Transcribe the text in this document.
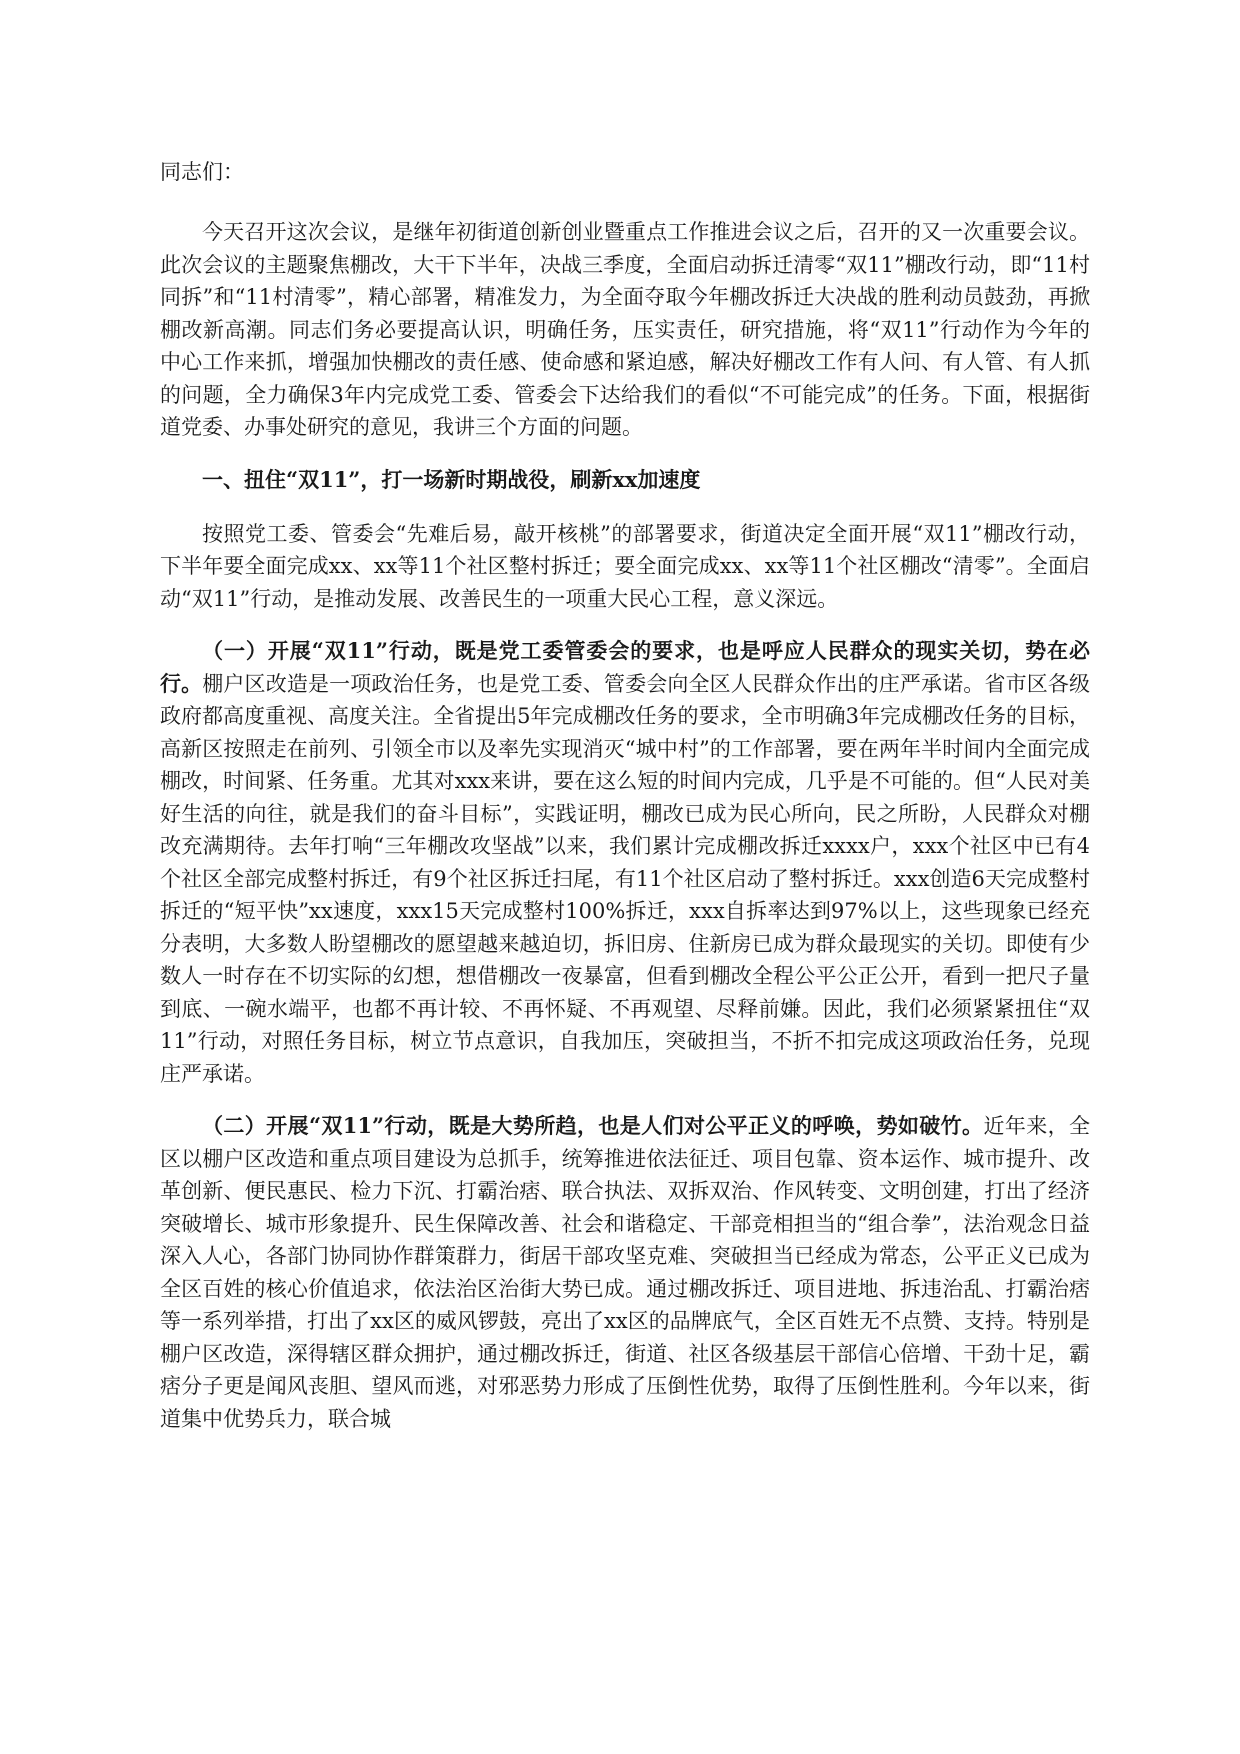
同志们：

今天召开这次会议，是继年初街道创新创业暨重点工作推进会议之后，召开的又一次重要会议。此次会议的主题聚焦棚改，大干下半年，决战三季度，全面启动拆迁清零“双11”棚改行动，即“11村同拆”和“11村清零”，精心部署，精准发力，为全面夺取今年棚改拆迁大决战的胜利动员鼓劲，再掀棚改新高潮。同志们务必要提高认识，明确任务，压实责任，研究措施，将“双11”行动作为今年的中心工作来抓，增强加快棚改的责任感、使命感和紧迫感，解决好棚改工作有人问、有人管、有人抓的问题，全力确保3年内完成党工委、管委会下达给我们的看似“不可能完成”的任务。下面，根据街道党委、办事处研究的意见，我讲三个方面的问题。

一、扭住“双11”，打一场新时期战役，刷新xx加速度

按照党工委、管委会“先难后易，敲开核桃”的部署要求，街道决定全面开展“双11”棚改行动，下半年要全面完成xx、xx等11个社区整村拆迁；要全面完成xx、xx等11个社区棚改“清零”。全面启动“双11”行动，是推动发展、改善民生的一项重大民心工程，意义深远。

（一）开展“双11”行动，既是党工委管委会的要求，也是呼应人民群众的现实关切，势在必行。棚户区改造是一项政治任务，也是党工委、管委会向全区人民群众作出的庄严承诺。省市区各级政府都高度重视、高度关注。全省提出5年完成棚改任务的要求，全市明确3年完成棚改任务的目标，高新区按照走在前列、引领全市以及率先实现消灭“城中村”的工作部署，要在两年半时间内全面完成棚改，时间紧、任务重。尤其对xxx来讲，要在这么短的时间内完成，几乎是不可能的。但“人民对美好生活的向往，就是我们的奋斗目标”，实践证明，棚改已成为民心所向，民之所盼，人民群众对棚改充满期待。去年打响“三年棚改攻坚战”以来，我们累计完成棚改拆迁xxxx户，xxx个社区中已有4个社区全部完成整村拆迁，有9个社区拆迁扫尾，有11个社区启动了整村拆迁。xxx创造6天完成整村拆迁的“短平快”xx速度，xxx15天完成整村100%拆迁，xxx自拆率达到97%以上，这些现象已经充分表明，大多数人盼望棚改的愿望越来越迫切，拆旧房、住新房已成为群众最现实的关切。即使有少数人一时存在不切实际的幻想，想借棚改一夜暴富，但看到棚改全程公平公正公开，看到一把尺子量到底、一碗水端平，也都不再计较、不再怀疑、不再观望、尽释前嫌。因此，我们必须紧紧扭住“双11”行动，对照任务目标，树立节点意识，自我加压，突破担当，不折不扣完成这项政治任务，兑现庄严承诺。

（二）开展“双11”行动，既是大势所趋，也是人们对公平正义的呼唤，势如破竹。近年来，全区以棚户区改造和重点项目建设为总抓手，统筹推进依法征迁、项目包靠、资本运作、城市提升、改革创新、便民惠民、检力下沉、打霸治痞、联合执法、双拆双治、作风转变、文明创建，打出了经济突破增长、城市形象提升、民生保障改善、社会和谐稳定、干部竞相担当的“组合拳”，法治观念日益深入人心，各部门协同协作群策群力，街居干部攻坚克难、突破担当已经成为常态，公平正义已成为全区百姓的核心价值追求，依法治区治街大势已成。通过棚改拆迁、项目进地、拆违治乱、打霸治痞等一系列举措，打出了xx区的威风锣鼓，亮出了xx区的品牌底气，全区百姓无不点赞、支持。特别是棚户区改造，深得辖区群众拥护，通过棚改拆迁，街道、社区各级基层干部信心倍增、干劲十足，霸痞分子更是闻风丧胆、望风而逃，对邪恶势力形成了压倒性优势，取得了压倒性胜利。今年以来，街道集中优势兵力，联合城
